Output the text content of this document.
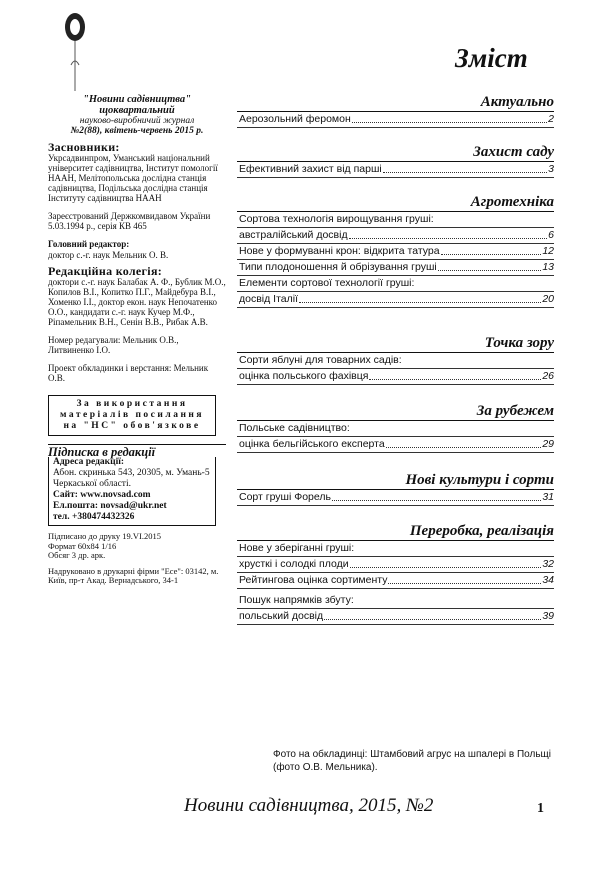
"Новини садівництва"
щоквартальний
науково-виробничий журнал
№2(88), квітень-червень 2015 р.
Засновники:
Укрсадвинпром, Уманський національний університет садівництва, Інститут помології НААН, Мелітопольська дослідна станція садівництва, Подільська дослідна станція Інституту садівництва НААН
Зареєстрований Держкомвидавом України 5.03.1994 р., серія КВ 465
Головний редактор:
доктор с.-г. наук Мельник О. В.
Редакційна колегія:
доктори с.-г. наук Балабак А. Ф., Бублик М.О., Копилов В.І., Копитко П.Г., Майдебура В.І., Хоменко І.І., доктор екон. наук Непочатенко О.О., кандидати с.-г. наук Кучер М.Ф., Ріпамельник В.Н., Сенін В.В., Рибак А.В.
Номер редагували: Мельник О.В., Литвиненко І.О.
Проект обкладинки і верстання: Мельник О.В.
За використання матеріалів посилання на "НС" обов'язкове
Підписка в редакції
Адреса редакції:
Абон. скринька 543, 20305, м. Умань-5 Черкаської області.
Сайт: www.novsad.com
Ел.пошта: novsad@ukr.net
тел. +380474432326
Підписано до друку 19.VI.2015
Формат 60х84 1/16
Обсяг 3 др. арк.
Надруковано в друкарні фірми "Есе": 03142, м. Київ, пр-т Акад. Вернадського, 34-1
Зміст
Актуально
Аерозольний феромон	2
Захист саду
Ефективний захист від парші	3
Агротехніка
Сортова технологія вирощування груші:
австралійський досвід	6
Нове у формуванні крон: відкрита татура	12
Типи плодоношення й обрізування груші	13
Елементи сортової технології груші:
досвід Італії	20
Точка зору
Сорти яблуні для товарних садів:
оцінка польського фахівця	26
За рубежем
Польське садівництво:
оцінка бельгійського експерта	29
Нові культури і сорти
Сорт груші Форель	31
Переробка, реалізація
Нове у зберіганні груші:
хрусткі і солодкі плоди	32
Рейтингова оцінка сортименту	34
Пошук напрямків збуту:
польський досвід	39
Фото на обкладинці: Штамбовий агрус на шпалері в Польщі (фото О.В. Мельника).
Новини садівництва, 2015, №2	1
